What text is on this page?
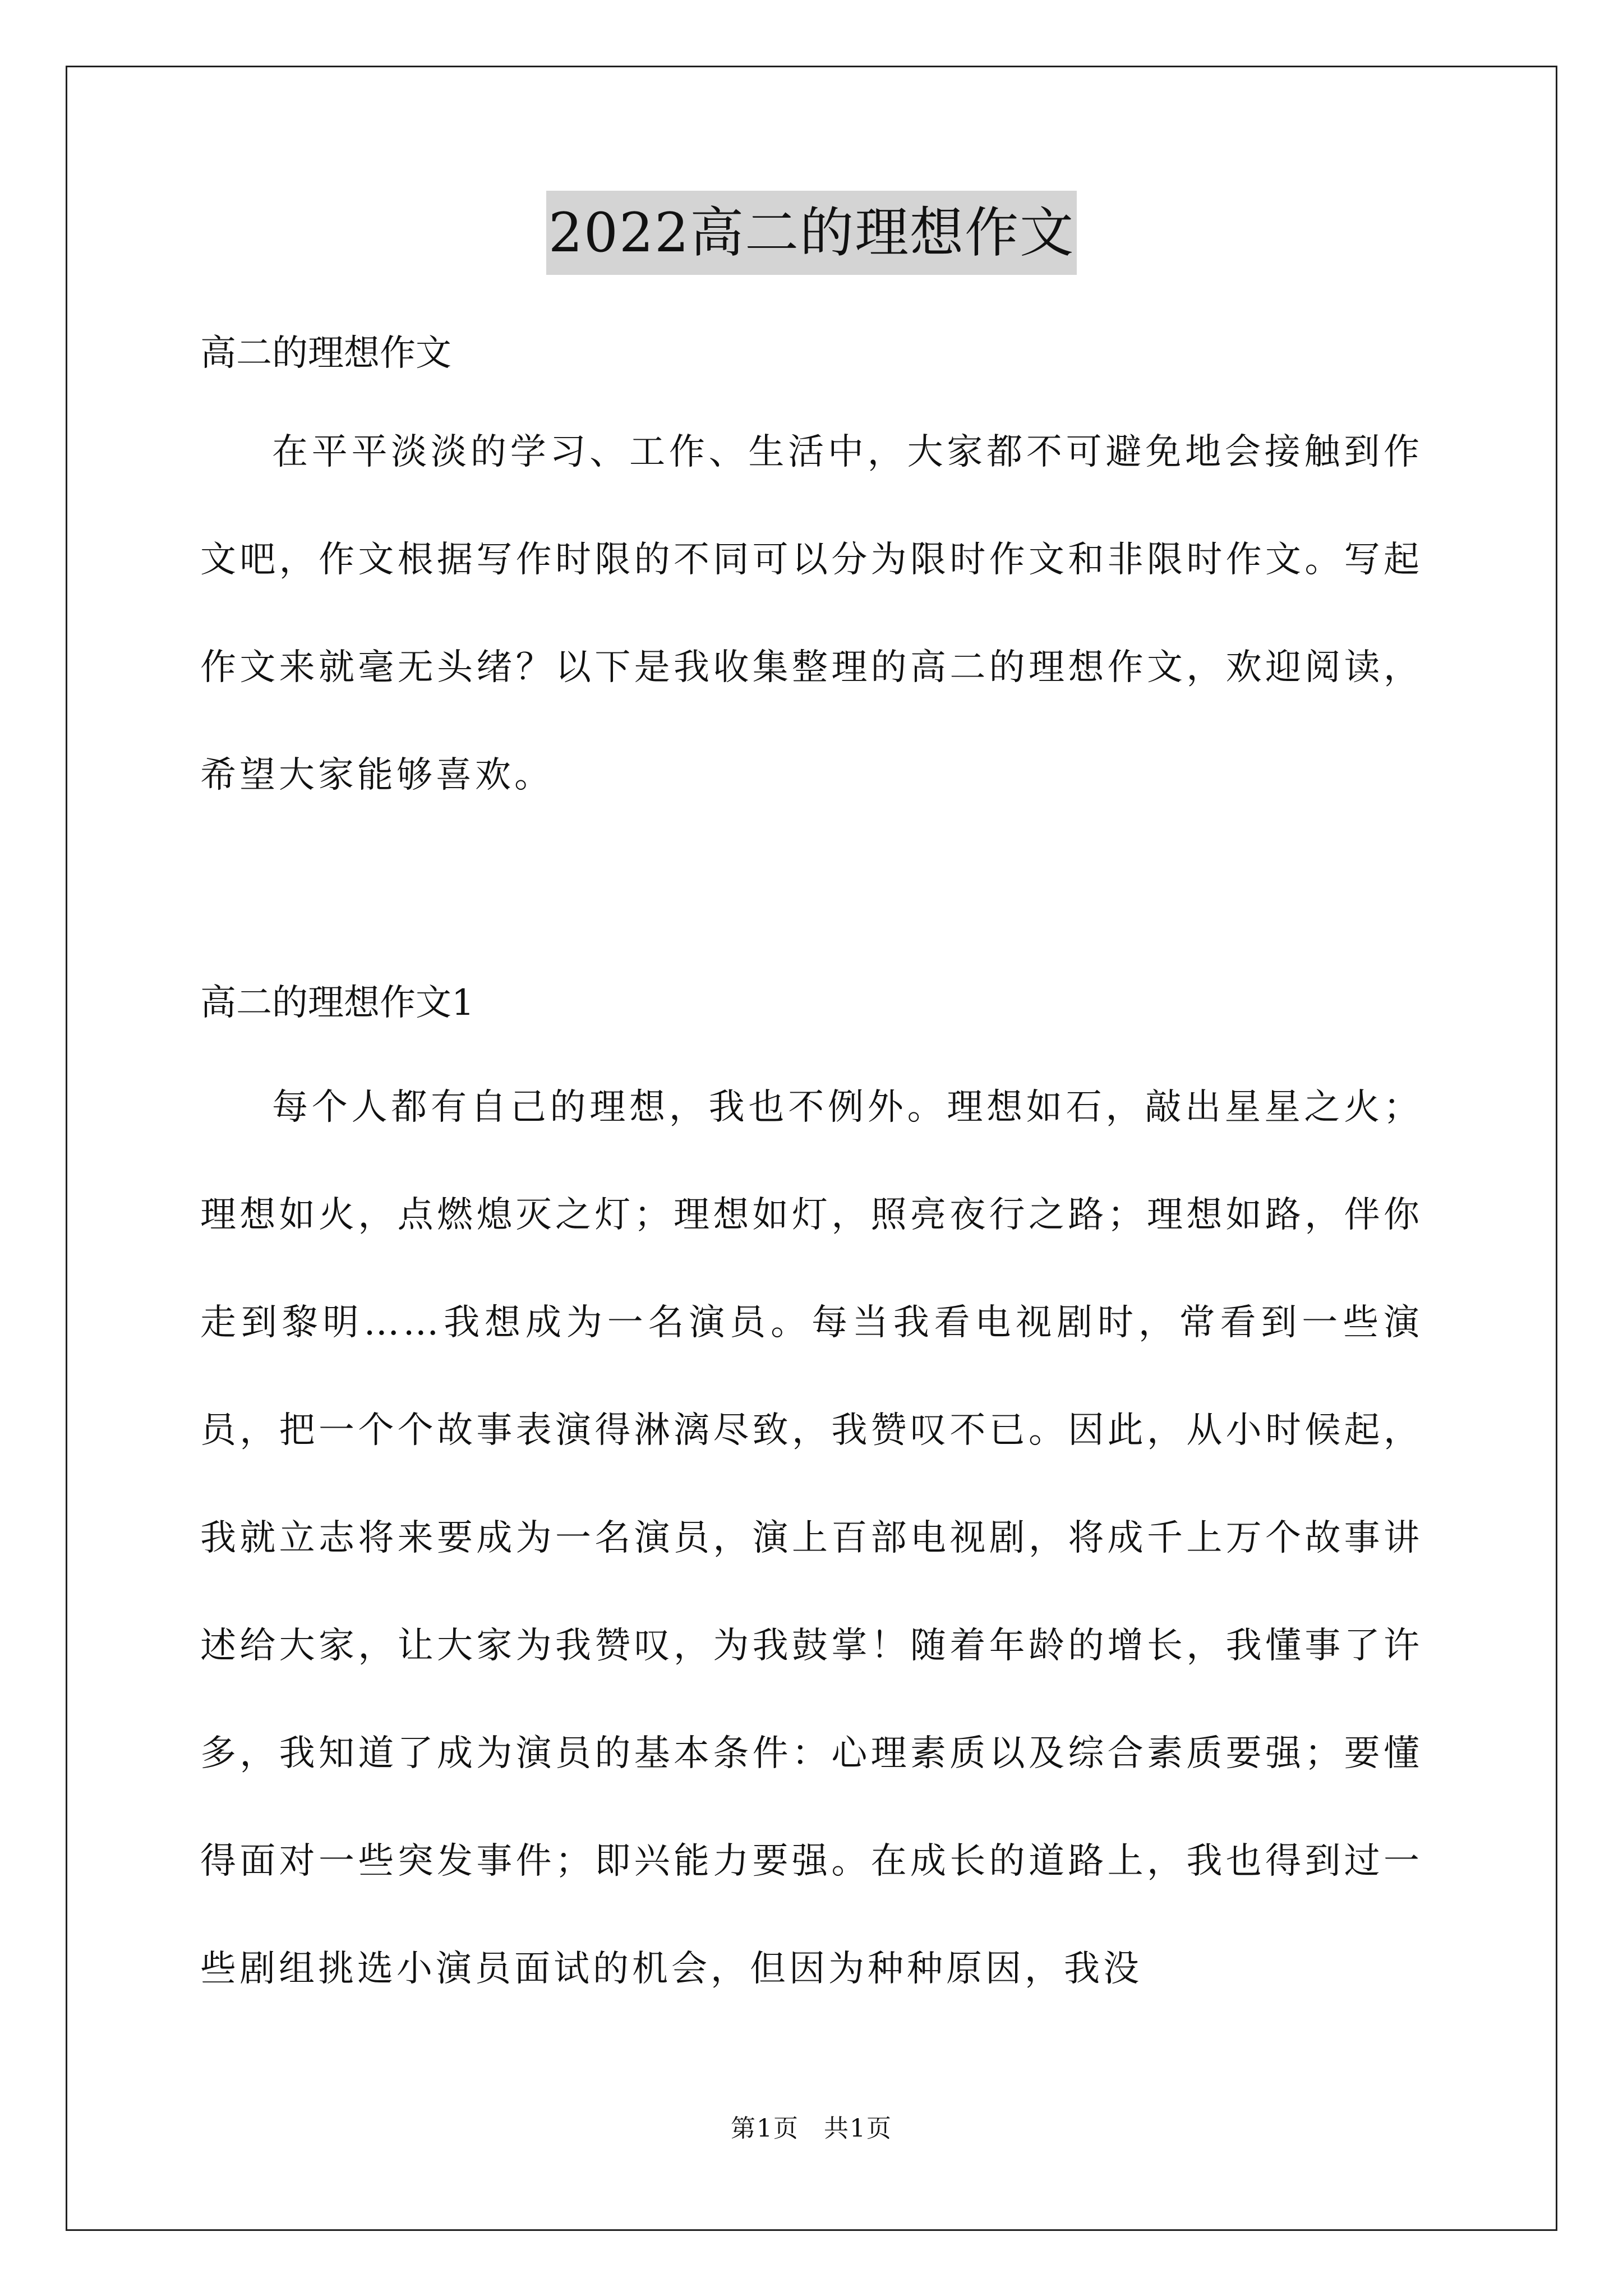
2022高二的理想作文
高二的理想作文

在平平淡淡的学习、工作、生活中，大家都不可避免地会接触到作文吧，作文根据写作时限的不同可以分为限时作文和非限时作文。写起作文来就毫无头绪？以下是我收集整理的高二的理想作文，欢迎阅读，希望大家能够喜欢。

高二的理想作文1

每个人都有自己的理想，我也不例外。理想如石，敲出星星之火；理想如火，点燃熄灭之灯；理想如灯，照亮夜行之路；理想如路，伴你走到黎明……我想成为一名演员。每当我看电视剧时，常看到一些演员，把一个个故事表演得淋漓尽致，我赞叹不已。因此，从小时候起，我就立志将来要成为一名演员，演上百部电视剧，将成千上万个故事讲述给大家，让大家为我赞叹，为我鼓掌！随着年龄的增长，我懂事了许多，我知道了成为演员的基本条件：心理素质以及综合素质要强；要懂得面对一些突发事件；即兴能力要强。在成长的道路上，我也得到过一些剧组挑选小演员面试的机会，但因为种种原因，我没

第1页 共1页
